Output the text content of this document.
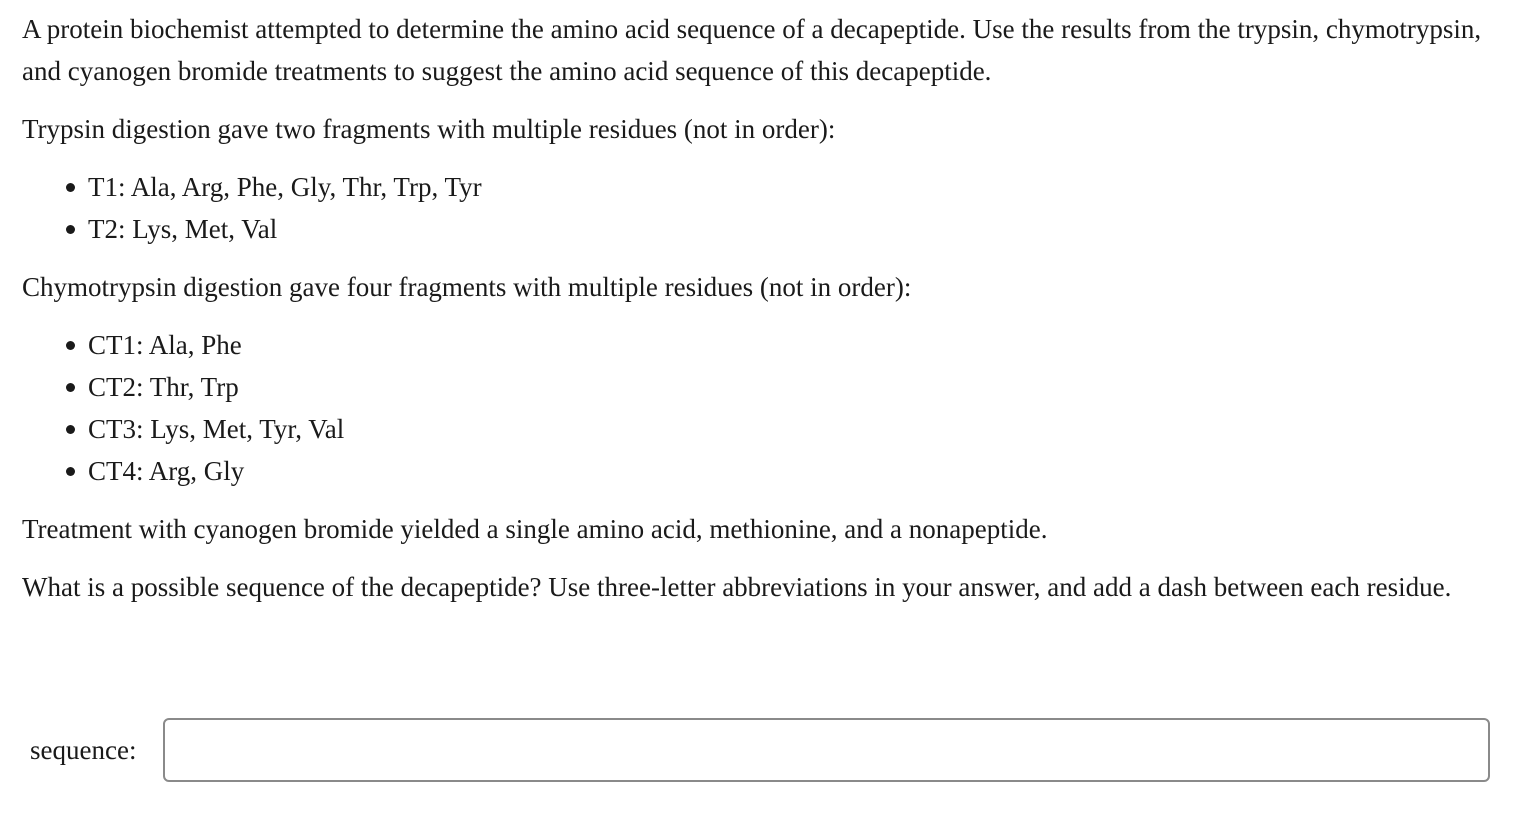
A protein biochemist attempted to determine the amino acid sequence of a decapeptide. Use the results from the trypsin, chymotrypsin, and cyanogen bromide treatments to suggest the amino acid sequence of this decapeptide.

Trypsin digestion gave two fragments with multiple residues (not in order):

T1: Ala, Arg, Phe, Gly, Thr, Trp, Tyr
T2: Lys, Met, Val

Chymotrypsin digestion gave four fragments with multiple residues (not in order):

CT1: Ala, Phe
CT2: Thr, Trp
CT3: Lys, Met, Tyr, Val
CT4: Arg, Gly

Treatment with cyanogen bromide yielded a single amino acid, methionine, and a nonapeptide.

What is a possible sequence of the decapeptide? Use three-letter abbreviations in your answer, and add a dash between each residue.

sequence:
